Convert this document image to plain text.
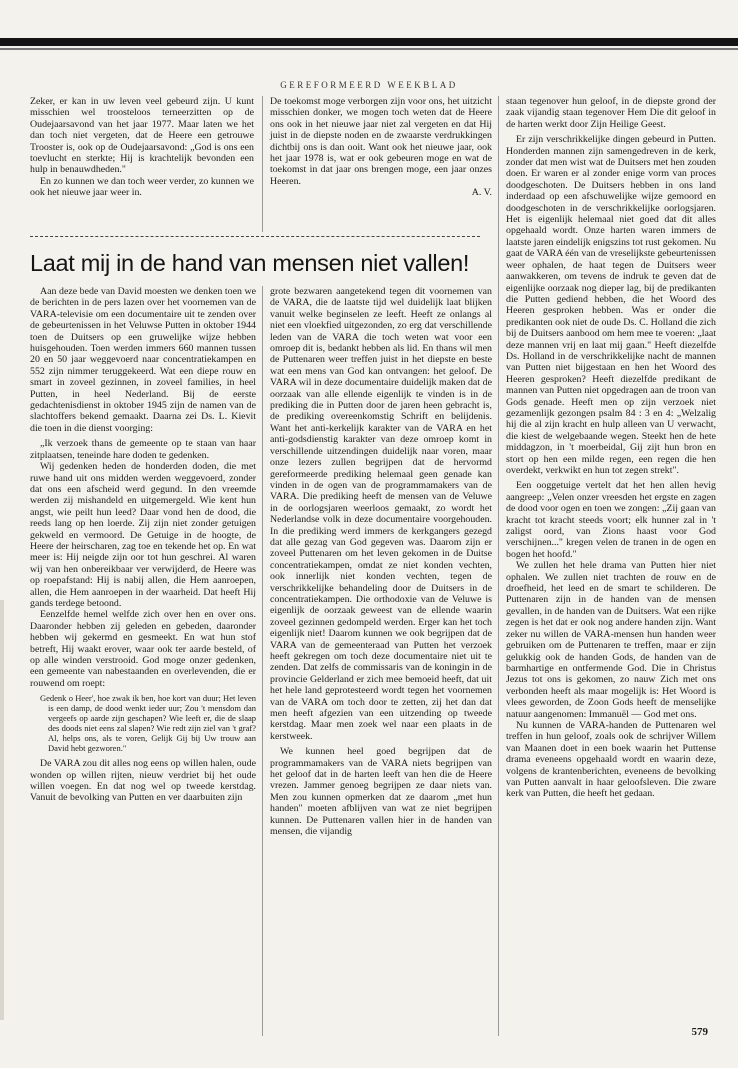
GEREFORMEERD WEEKBLAD

Zeker, er kan in uw leven veel gebeurd zijn. U kunt misschien wel troosteloos terneerzitten op de Oudejaarsavond van het jaar 1977. Maar laten we het dan toch niet vergeten, dat de Heere een getrouwe Trooster is, ook op de Oudejaarsavond: „God is ons een toevlucht en sterkte; Hij is krachtelijk bevonden een hulp in benauwdheden."

En zo kunnen we dan toch weer verder, zo kunnen we ook het nieuwe jaar weer in.

De toekomst moge verborgen zijn voor ons, het uitzicht misschien donker, we mogen toch weten dat de Heere ons ook in het nieuwe jaar niet zal vergeten en dat Hij juist in de diepste noden en de zwaarste verdrukkingen dichtbij ons is dan ooit. Want ook het nieuwe jaar, ook het jaar 1978 is, wat er ook gebeuren moge en wat de toekomst in dat jaar ons brengen moge, een jaar onzes Heeren.

A. V.
Laat mij in de hand van mensen niet vallen!

Aan deze bede van David moesten we denken toen we de berichten in de pers lazen over het voornemen van de VARA-televisie om een documentaire uit te zenden over de gebeurtenissen in het Veluwse Putten in oktober 1944 toen de Duitsers op een gruwelijke wijze hebben huisgehouden. Toen werden immers 660 mannen tussen 20 en 50 jaar weggevoerd naar concentratiekampen en 552 zijn nimmer teruggekeerd. Wat een diepe rouw en smart in zoveel gezinnen, in zoveel families, in heel Putten, in heel Nederland. Bij de eerste gedachtenisdienst in oktober 1945 zijn de namen van de slachtoffers bekend gemaakt. Daarna zei Ds. L. Kievit die toen in die dienst voorging:

„Ik verzoek thans de gemeente op te staan van haar zitplaatsen, teneinde hare doden te gedenken.

Wij gedenken heden de honderden doden, die met ruwe hand uit ons midden werden weggevoerd, zonder dat ons een afscheid werd gegund. In den vreemde werden zij mishandeld en uitgemergeld. Wie kent hun angst, wie peilt hun leed? Daar vond hen de dood, die reeds lang op hen loerde. Zij zijn niet zonder getuigen gekweld en vermoord. De Getuige in de hoogte, de Heere der heirscharen, zag toe en tekende het op. En wat meer is: Hij neigde zijn oor tot hun geschrei. Al waren wij van hen onbereikbaar ver verwijderd, de Heere was op roepafstand: Hij is nabij allen, die Hem aanroepen, allen, die Hem aanroepen in der waarheid. Dat heeft Hij gands terdege betoond.

Eenzelfde hemel welfde zich over hen en over ons. Daaronder hebben zij geleden en gebeden, daaronder hebben wij gekermd en gesmeekt. En wat hun stof betreft, Hij waakt erover, waar ook ter aarde besteld, of op alle winden verstrooid. God moge onzer gedenken, een gemeente van nabestaanden en overlevenden, die er rouwend om roept:

Gedenk o Heer', hoe zwak ik ben, hoe kort van duur; Het leven is een damp, de dood wenkt ieder uur; Zou 't mensdom dan vergeefs op aarde zijn geschapen? Wie leeft er, die de slaap des doods niet eens zal slapen? Wie redt zijn ziel van 't graf? Al, helps ons, als te voren, Gelijk Gij bij Uw trouw aan David hebt gezworen."

De VARA zou dit alles nog eens op willen halen, oude wonden op willen rijten, nieuw verdriet bij het oude willen voegen. En dat nog wel op tweede kerstdag. Vanuit de bevolking van Putten en ver daarbuiten zijn

grote bezwaren aangetekend tegen dit voornemen van de VARA, die de laatste tijd wel duidelijk laat blijken vanuit welke beginselen ze leeft. Heeft ze onlangs al niet een vloekfied uitgezonden, zo erg dat verschillende leden van de VARA die toch weten wat voor een omroep dit is, bedankt hebben als lid. En thans wil men de Puttenaren weer treffen juist in het diepste en beste wat een mens van God kan ontvangen: het geloof. De VARA wil in deze documentaire duidelijk maken dat de oorzaak van alle ellende eigenlijk te vinden is in de prediking die in Putten door de jaren heen gebracht is, de prediking overeenkomstig Schrift en belijdenis. Want het anti-kerkelijk karakter van de VARA en het anti-godsdienstig karakter van deze omroep komt in verschillende uitzendingen duidelijk naar voren, maar onze lezers zullen begrijpen dat de hervormd gereformeerde prediking helemaal geen genade kan vinden in de ogen van de programmamakers van de VARA. Die prediking heeft de mensen van de Veluwe in de oorlogsjaren weerloos gemaakt, zo wordt het Nederlandse volk in deze documentaire voorgehouden. In die prediking werd immers de kerkgangers gezegd dat alle gezag van God gegeven was. Daarom zijn er zoveel Puttenaren om het leven gekomen in de Duitse concentratiekampen, omdat ze niet konden vechten, ook innerlijk niet konden vechten, tegen de verschrikkelijke behandeling door de Duitsers in de concentratiekampen. Die orthodoxie van de Veluwe is eigenlijk de oorzaak geweest van de ellende waarin zoveel gezinnen gedompeld werden. Erger kan het toch eigenlijk niet! Daarom kunnen we ook begrijpen dat de VARA van de gemeenteraad van Putten het verzoek heeft gekregen om toch deze documentaire niet uit te zenden. Dat zelfs de commissaris van de koningin in de provincie Gelderland er zich mee bemoeid heeft, dat uit het hele land geprotesteerd wordt tegen het voornemen van de VARA om toch door te zetten, zij het dan dat men heeft afgezien van een uitzending op tweede kerstdag. Maar men zoek wel naar een plaats in de kerstweek.

We kunnen heel goed begrijpen dat de programmamakers van de VARA niets begrijpen van het geloof dat in de harten leeft van hen die de Heere vrezen. Jammer genoeg begrijpen ze daar niets van. Men zou kunnen opmerken dat ze daarom „met hun handen" moeten afblijven van wat ze niet begrijpen kunnen. De Puttenaren vallen hier in de handen van mensen, die vijandig

staan tegenover hun geloof, in de diepste grond der zaak vijandig staan tegenover Hem Die dit geloof in de harten werkt door Zijn Heilige Geest.

Er zijn verschrikkelijke dingen gebeurd in Putten. Honderden mannen zijn samengedreven in de kerk, zonder dat men wist wat de Duitsers met hen zouden doen. Er waren er al zonder enige vorm van proces doodgeschoten. De Duitsers hebben in ons land inderdaad op een afschuwelijke wijze gemoord en doodgeschoten in de verschrikkelijke oorlogsjaren. Het is eigenlijk helemaal niet goed dat dit alles opgehaald wordt. Onze harten waren immers de laatste jaren eindelijk enigszins tot rust gekomen. Nu gaat de VARA één van de vreselijkste gebeurtenissen weer ophalen, de haat tegen de Duitsers weer aanwakkeren, om tevens de indruk te geven dat de eigenlijke oorzaak nog dieper lag, bij de predikanten die Putten gediend hebben, die het Woord des Heeren gesproken hebben. Was er onder die predikanten ook niet de oude Ds. C. Holland die zich bij de Duitsers aanbood om hem mee te voeren: „laat deze mannen vrij en laat mij gaan." Heeft diezelfde Ds. Holland in de verschrikkelijke nacht de mannen van Putten niet bijgestaan en hen het Woord des Heeren gesproken? Heeft diezelfde predikant de mannen van Putten niet opgedragen aan de troon van Gods genade. Heeft men op zijn verzoek niet gezamenlijk gezongen psalm 84 : 3 en 4: „Welzalig hij die al zijn kracht en hulp alleen van U verwacht, die kiest de welgebaande wegen. Steekt hen de hete middagzon, in 't moerbeidal, Gij zijt hun bron en stort op hen een milde regen, een regen die hen overdekt, verkwikt en hun tot zegen strekt".

Een ooggetuige vertelt dat het hen allen hevig aangreep: „Velen onzer vreesden het ergste en zagen de dood voor ogen en toen we zongen: „Zij gaan van kracht tot kracht steeds voort; elk hunner zal in 't zaligst oord, van Zions haast voor God verschijnen..." kregen velen de tranen in de ogen en bogen het hoofd."

We zullen het hele drama van Putten hier niet ophalen. We zullen niet trachten de rouw en de droefheid, het leed en de smart te schilderen. De Puttenaren zijn in de handen van de mensen gevallen, in de handen van de Duitsers. Wat een rijke zegen is het dat er ook nog andere handen zijn. Want zeker nu willen de VARA-mensen hun handen weer gebruiken om de Puttenaren te treffen, maar er zijn gelukkig ook de handen Gods, de handen van de barmhartige en ontfermende God. Die in Christus Jezus tot ons is gekomen, zo nauw Zich met ons verbonden heeft als maar mogelijk is: Het Woord is vlees geworden, de Zoon Gods heeft de menselijke natuur aangenomen: Immanuël — God met ons.

Nu kunnen de VARA-handen de Puttenaren wel treffen in hun geloof, zoals ook de schrijver Willem van Maanen doet in een boek waarin het Puttense drama eveneens opgehaald wordt en waarin deze, volgens de krantenberichten, eveneens de bevolking van Putten aanvalt in haar geloofsleven. Die zware kerk van Putten, die heeft het gedaan.

579
